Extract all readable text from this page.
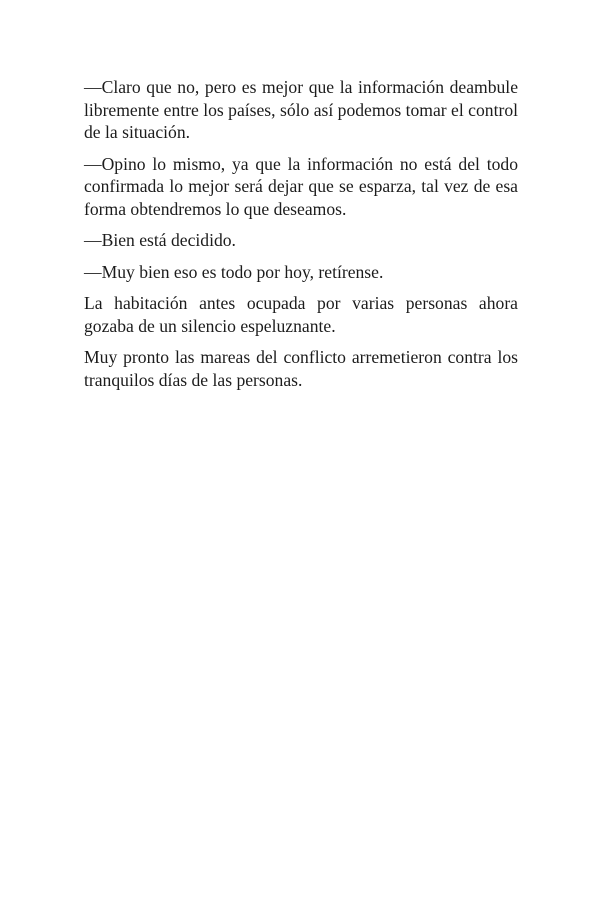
—Claro que no, pero es mejor que la información deambule libremente entre los países, sólo así podemos tomar el control de la situación.

—Opino lo mismo, ya que la información no está del todo confirmada lo mejor será dejar que se esparza, tal vez de esa forma obtendremos lo que deseamos.

—Bien está decidido.

—Muy bien eso es todo por hoy, retírense.

La habitación antes ocupada por varias personas ahora gozaba de un silencio espeluznante.

Muy pronto las mareas del conflicto arremetieron contra los tranquilos días de las personas.
